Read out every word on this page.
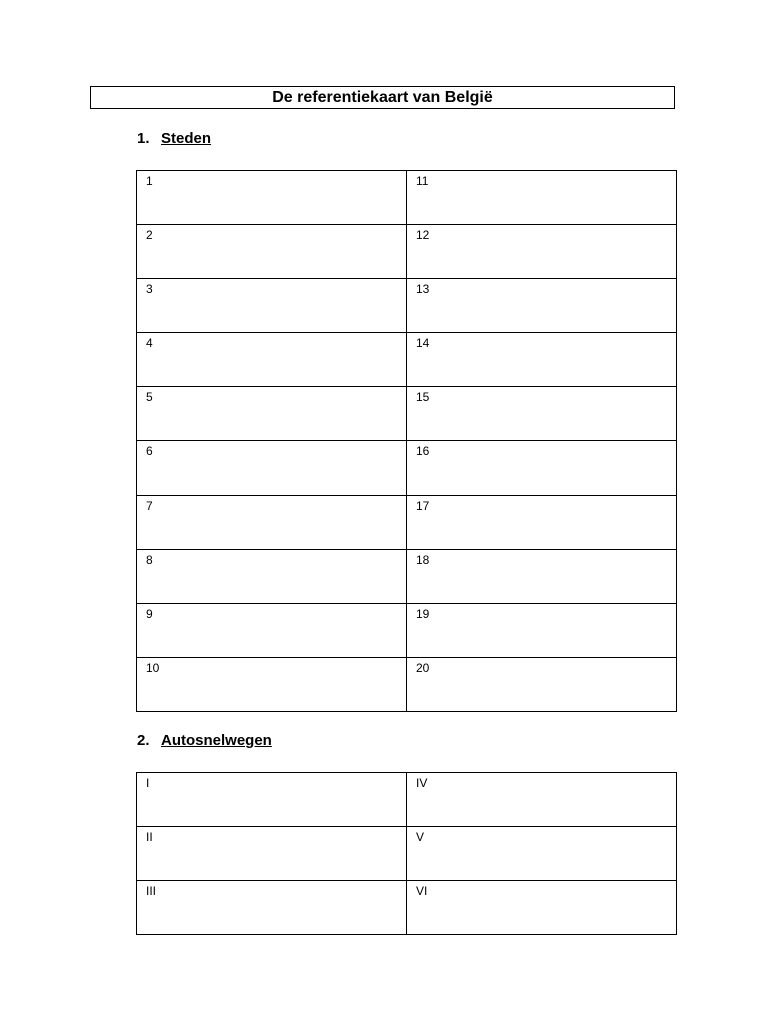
De referentiekaart van België
1. Steden
1	11
2	12
3	13
4	14
5	15
6	16
7	17
8	18
9	19
10	20
2. Autosnelwegen
I	IV
II	V
III	VI
